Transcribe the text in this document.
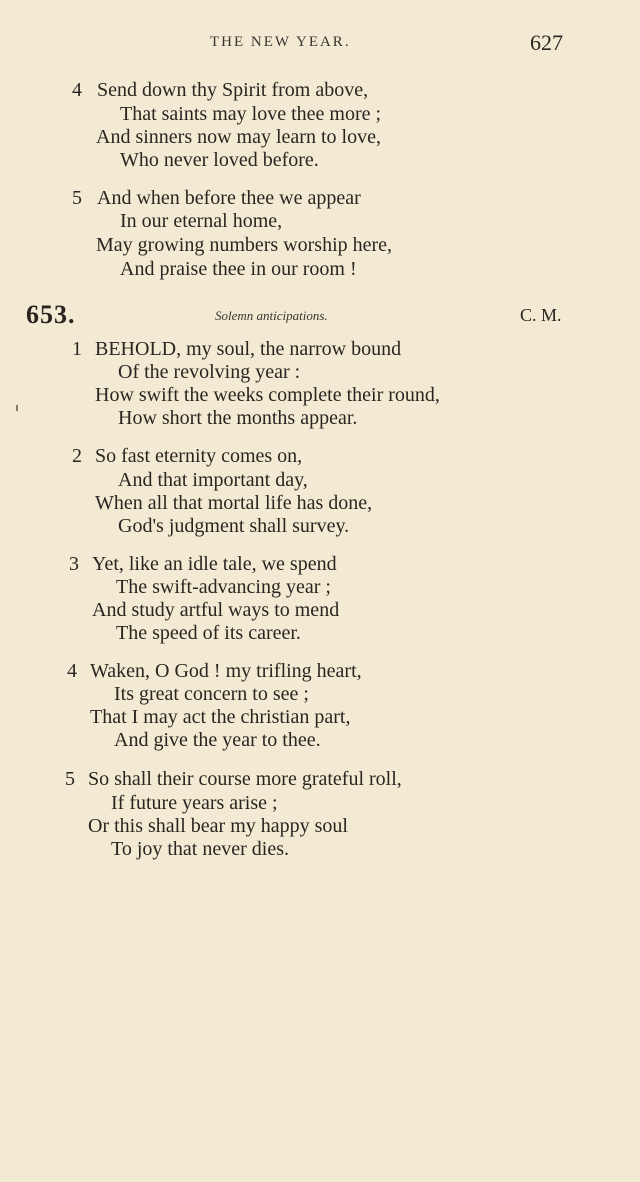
THE NEW YEAR.	627
4 Send down thy Spirit from above,
That saints may love thee more ;
And sinners now may learn to love,
Who never loved before.
5 And when before thee we appear
In our eternal home,
May growing numbers worship here,
And praise thee in our room !
653.	Solemn anticipations.	C. M.
1 BEHOLD, my soul, the narrow bound
Of the revolving year :
How swift the weeks complete their round,
How short the months appear.
2 So fast eternity comes on,
And that important day,
When all that mortal life has done,
God's judgment shall survey.
3 Yet, like an idle tale, we spend
The swift-advancing year ;
And study artful ways to mend
The speed of its career.
4 Waken, O God ! my trifling heart,
Its great concern to see ;
That I may act the christian part,
And give the year to thee.
5 So shall their course more grateful roll,
If future years arise ;
Or this shall bear my happy soul
To joy that never dies.
